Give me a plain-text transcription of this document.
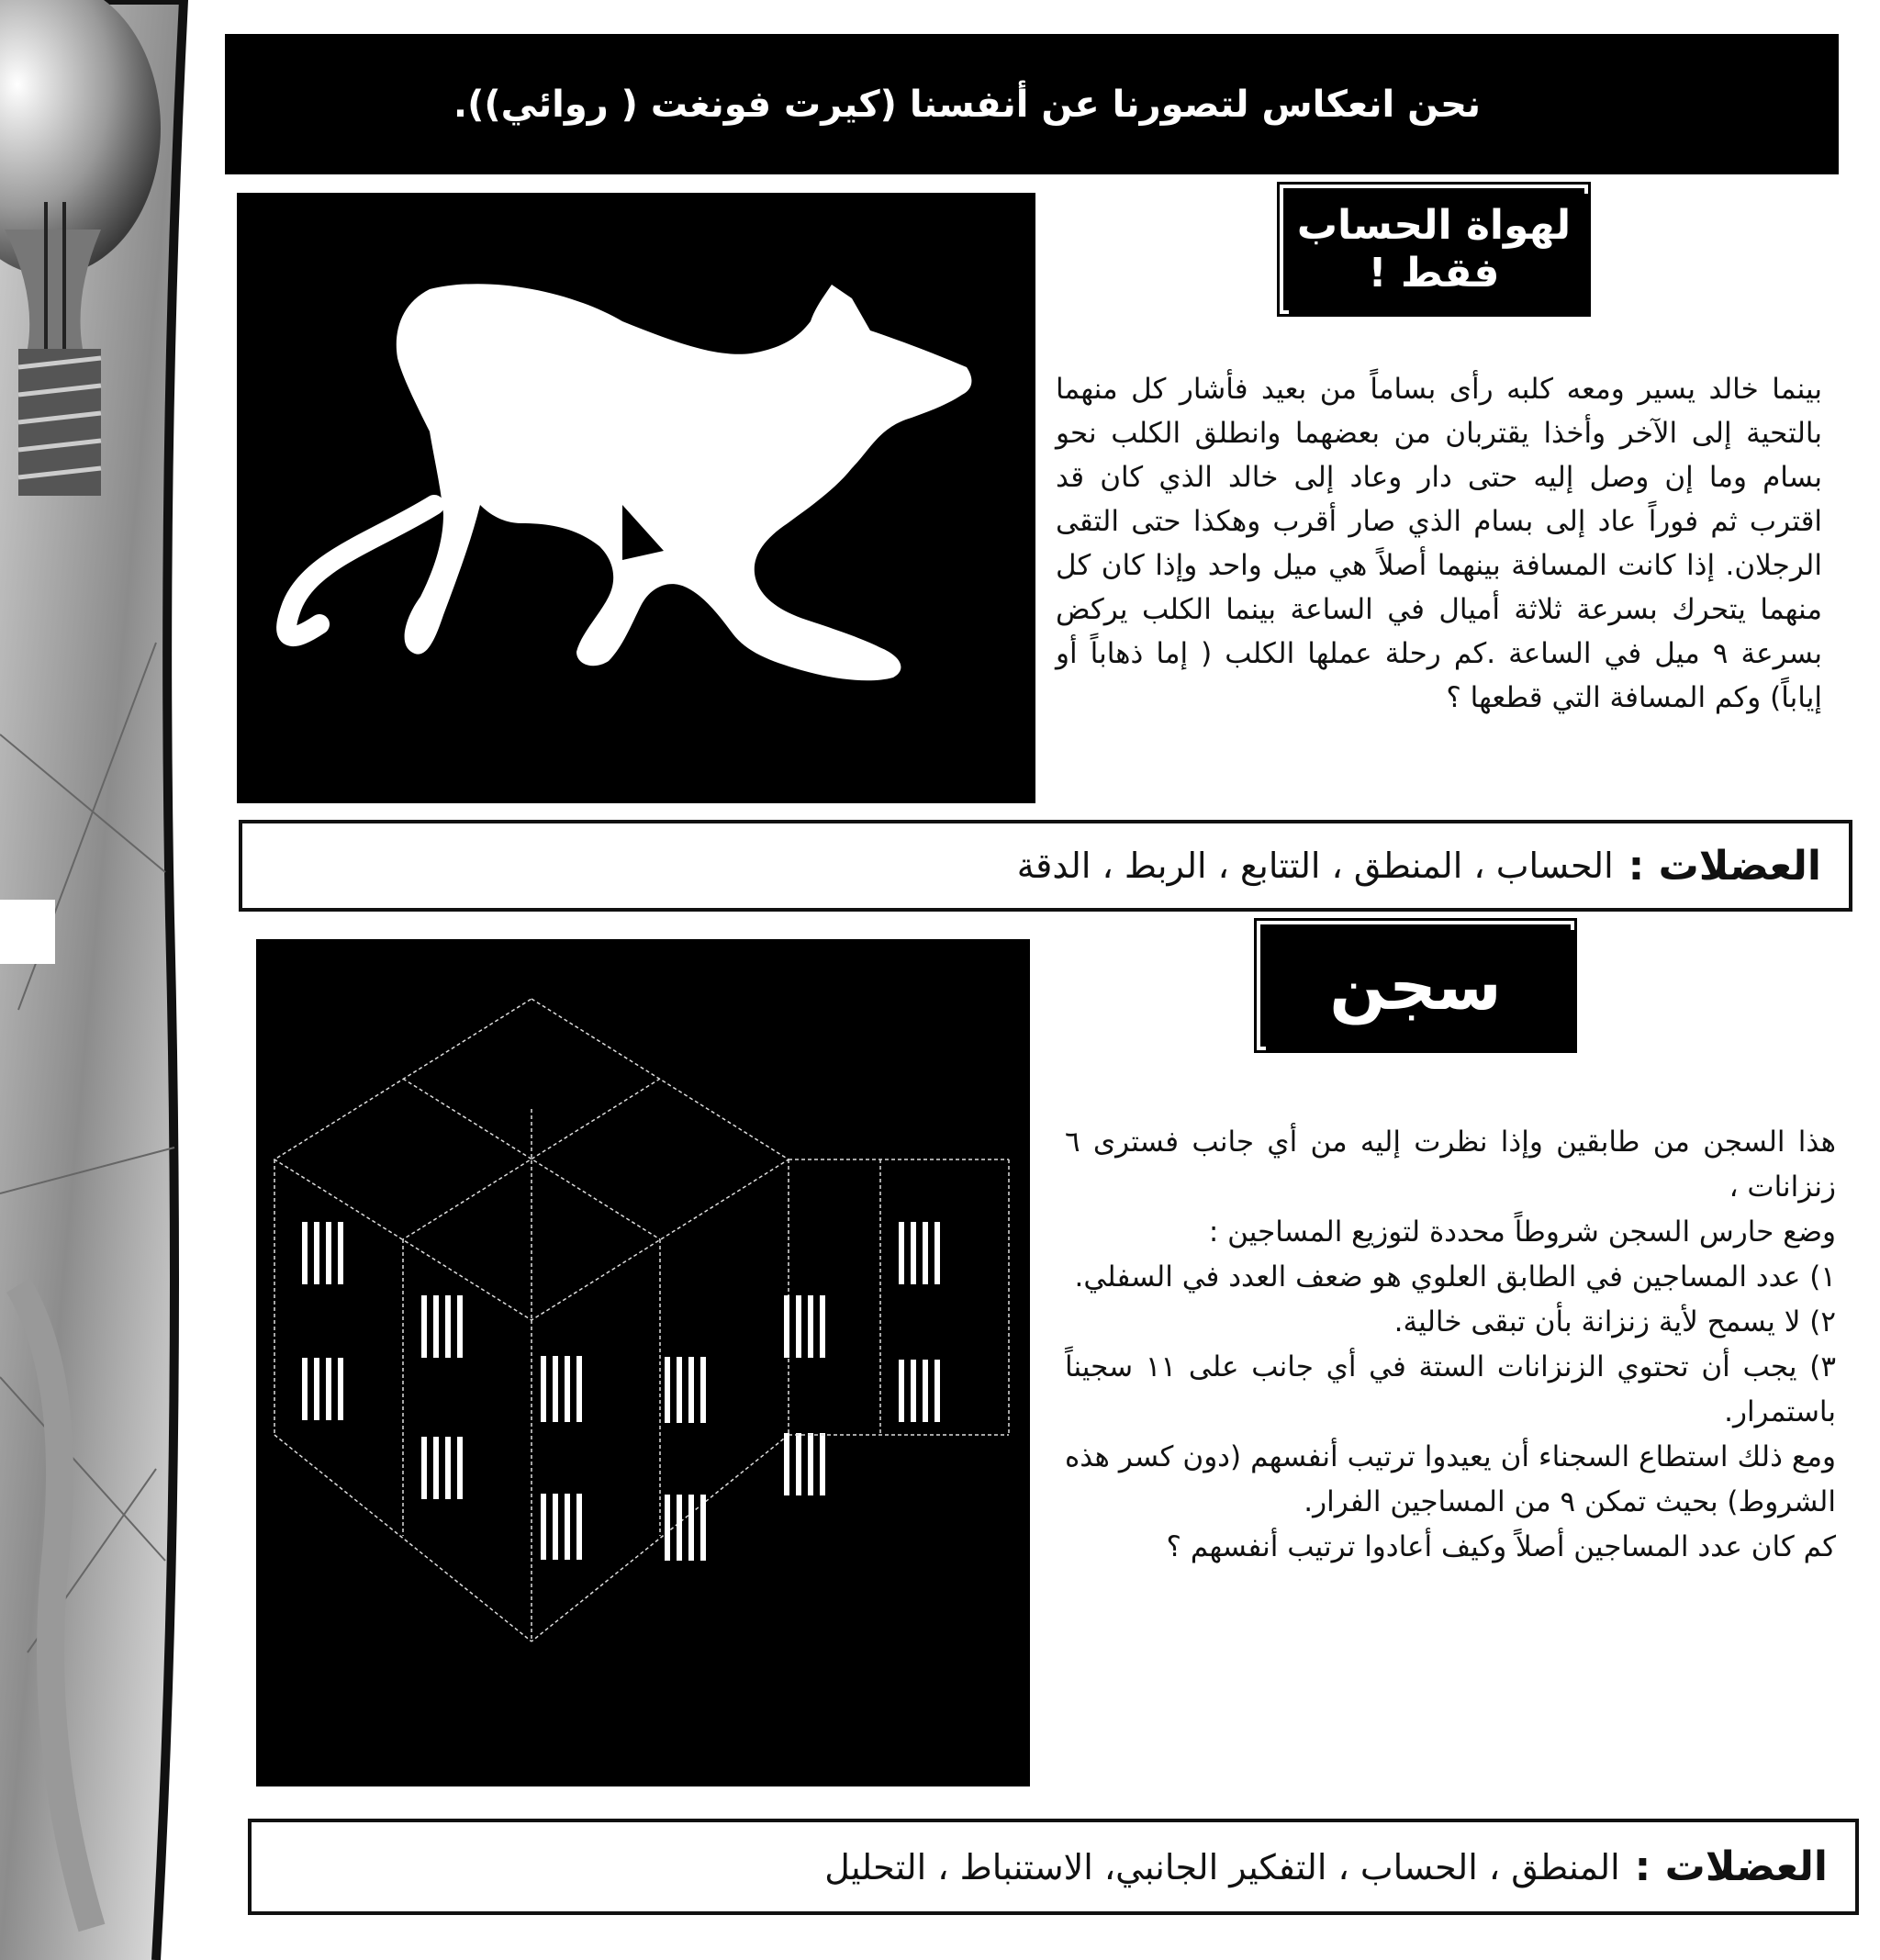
نحن انعكاس لتصورنا عن أنفسنا (كيرت فونغت ( روائي)).
لهواة الحساب
فقط !
بينما خالد يسير ومعه كلبه رأى بساماً من بعيد فأشار كل منهما بالتحية إلى الآخر وأخذا يقتربان من بعضهما وانطلق الكلب نحو بسام وما إن وصل إليه حتى دار وعاد إلى خالد الذي كان قد اقترب ثم فوراً عاد إلى بسام الذي صار أقرب وهكذا حتى التقى الرجلان. إذا كانت المسافة بينهما أصلاً هي ميل واحد وإذا كان كل منهما يتحرك بسرعة ثلاثة أميال في الساعة بينما الكلب يركض بسرعة ٩ ميل في الساعة .كم رحلة عملها الكلب ( إما ذهاباً أو إياباً) وكم المسافة التي قطعها ؟
العضلات :
الحساب ، المنطق ، التتابع ، الربط ، الدقة
سجن

هذا السجن من طابقين وإذا نظرت إليه من أي جانب فسترى ٦ زنزانات ،

وضع حارس السجن شروطاً محددة لتوزيع المساجين :

١) عدد المساجين في الطابق العلوي هو ضعف العدد في السفلي.

٢) لا يسمح لأية زنزانة بأن تبقى خالية.

٣) يجب أن تحتوي الزنزانات الستة في أي جانب على ١١ سجيناً باستمرار.

ومع ذلك استطاع السجناء أن يعيدوا ترتيب أنفسهم (دون كسر هذه الشروط) بحيث تمكن ٩ من المساجين الفرار.

كم كان عدد المساجين أصلاً وكيف أعادوا ترتيب أنفسهم ؟

العضلات :
المنطق ، الحساب ، التفكير الجانبي، الاستنباط ، التحليل
